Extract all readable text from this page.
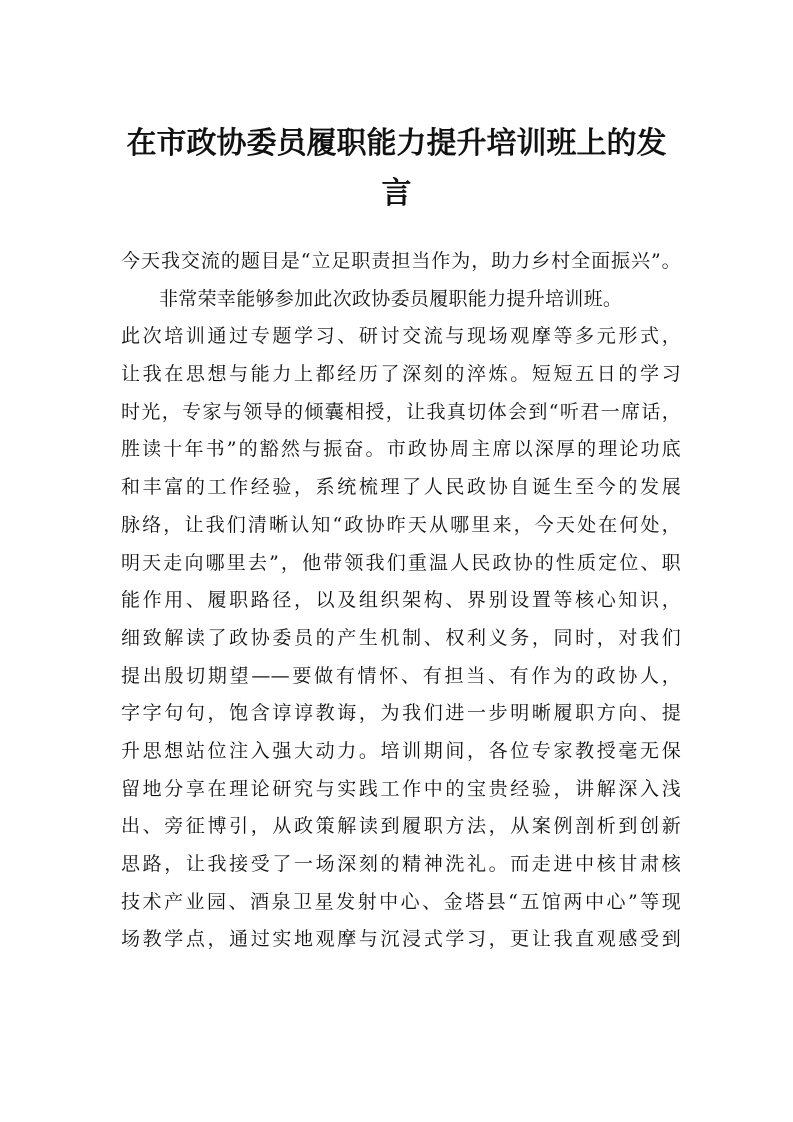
在市政协委员履职能力提升培训班上的发
言
今天我交流的题目是“立足职责担当作为，助力乡村全面振兴”。
非常荣幸能够参加此次政协委员履职能力提升培训班。
此次培训通过专题学习、研讨交流与现场观摩等多元形式，
让我在思想与能力上都经历了深刻的淬炼。短短五日的学习
时光，专家与领导的倾囊相授，让我真切体会到“听君一席话，
胜读十年书”的豁然与振奋。市政协周主席以深厚的理论功底
和丰富的工作经验，系统梳理了人民政协自诞生至今的发展
脉络，让我们清晰认知“政协昨天从哪里来，今天处在何处，
明天走向哪里去”，他带领我们重温人民政协的性质定位、职
能作用、履职路径，以及组织架构、界别设置等核心知识，
细致解读了政协委员的产生机制、权利义务，同时，对我们
提出殷切期望——要做有情怀、有担当、有作为的政协人，
字字句句，饱含谆谆教诲，为我们进一步明晰履职方向、提
升思想站位注入强大动力。培训期间，各位专家教授毫无保
留地分享在理论研究与实践工作中的宝贵经验，讲解深入浅
出、旁征博引，从政策解读到履职方法，从案例剖析到创新
思路，让我接受了一场深刻的精神洗礼。而走进中核甘肃核
技术产业园、酒泉卫星发射中心、金塔县“五馆两中心”等现
场教学点，通过实地观摩与沉浸式学习，更让我直观感受到
